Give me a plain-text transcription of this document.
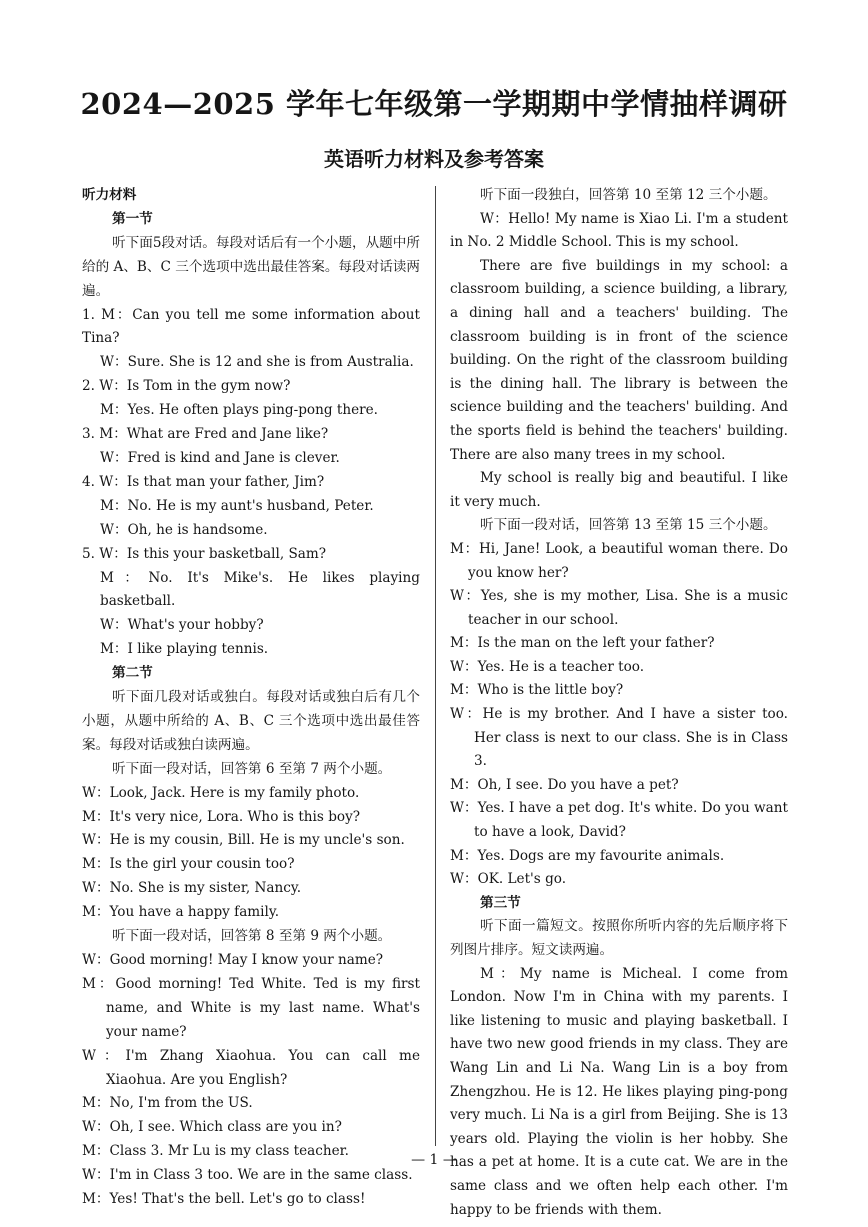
2024—2025 学年七年级第一学期期中学情抽样调研
英语听力材料及参考答案

听力材料

第一节

听下面5段对话。每段对话后有一个小题，从题中所给的 A、B、C 三个选项中选出最佳答案。每段对话读两遍。

1. M：Can you tell me some information about Tina?

W：Sure. She is 12 and she is from Australia.

2. W：Is Tom in the gym now?

M：Yes. He often plays ping-pong there.

3. M：What are Fred and Jane like?

W：Fred is kind and Jane is clever.

4. W：Is that man your father, Jim?

M：No. He is my aunt's husband, Peter.

W：Oh, he is handsome.

5. W：Is this your basketball, Sam?

M：No. It's Mike's. He likes playing basketball.

W：What's your hobby?

M：I like playing tennis.

第二节

听下面几段对话或独白。每段对话或独白后有几个小题，从题中所给的 A、B、C 三个选项中选出最佳答案。每段对话或独白读两遍。

听下面一段对话，回答第 6 至第 7 两个小题。

W：Look, Jack. Here is my family photo.

M：It's very nice, Lora. Who is this boy?

W：He is my cousin, Bill. He is my uncle's son.

M：Is the girl your cousin too?

W：No. She is my sister, Nancy.

M：You have a happy family.

听下面一段对话，回答第 8 至第 9 两个小题。

W：Good morning! May I know your name?

M：Good morning! Ted White. Ted is my first name, and White is my last name. What's your name?

W：I'm Zhang Xiaohua. You can call me Xiaohua. Are you English?

M：No, I'm from the US.

W：Oh, I see. Which class are you in?

M：Class 3. Mr Lu is my class teacher.

W：I'm in Class 3 too. We are in the same class.

M：Yes! That's the bell. Let's go to class!

听下面一段独白，回答第 10 至第 12 三个小题。

W：Hello! My name is Xiao Li. I'm a student in No. 2 Middle School. This is my school.

There are five buildings in my school: a classroom building, a science building, a library, a dining hall and a teachers' building. The classroom building is in front of the science building. On the right of the classroom building is the dining hall. The library is between the science building and the teachers' building. And the sports field is behind the teachers' building. There are also many trees in my school.

My school is really big and beautiful. I like it very much.

听下面一段对话，回答第 13 至第 15 三个小题。

M：Hi, Jane! Look, a beautiful woman there. Do you know her?

W：Yes, she is my mother, Lisa. She is a music teacher in our school.

M：Is the man on the left your father?

W：Yes. He is a teacher too.

M：Who is the little boy?

W：He is my brother. And I have a sister too. Her class is next to our class. She is in Class 3.

M：Oh, I see. Do you have a pet?

W：Yes. I have a pet dog. It's white. Do you want to have a look, David?

M：Yes. Dogs are my favourite animals.

W：OK. Let's go.

第三节

听下面一篇短文。按照你所听内容的先后顺序将下列图片排序。短文读两遍。

M：My name is Micheal. I come from London. Now I'm in China with my parents. I like listening to music and playing basketball. I have two new good friends in my class. They are Wang Lin and Li Na. Wang Lin is a boy from Zhengzhou. He is 12. He likes playing ping-pong very much. Li Na is a girl from Beijing. She is 13 years old. Playing the violin is her hobby. She has a pet at home. It is a cute cat. We are in the same class and we often help each other. I'm happy to be friends with them.

— 1 —
